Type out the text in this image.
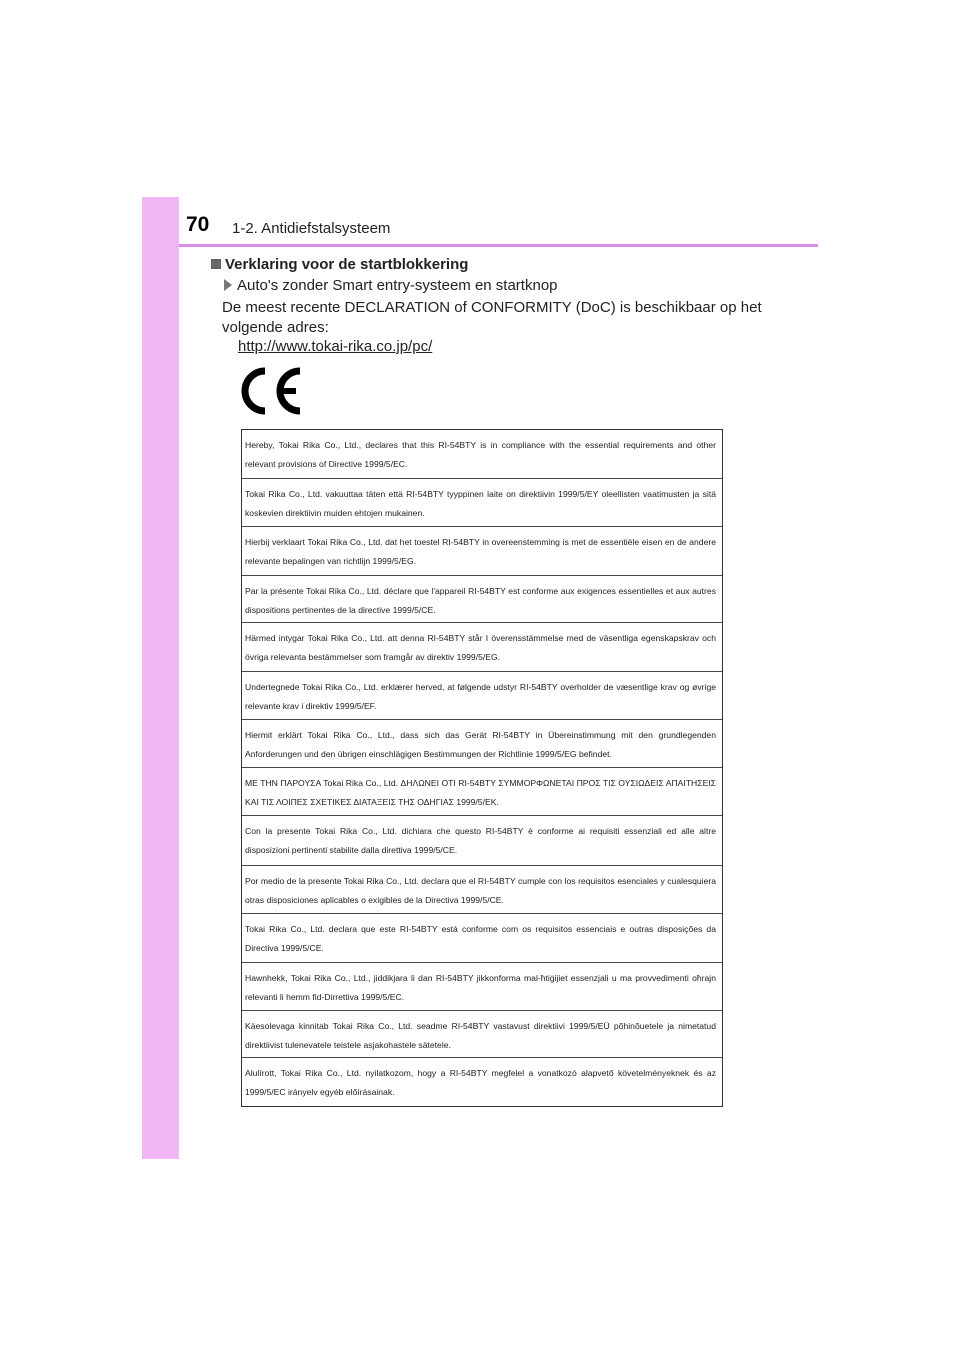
70 1-2. Antidiefstalsysteem
Verklaring voor de startblokkering
Auto's zonder Smart entry-systeem en startknop
De meest recente DECLARATION of CONFORMITY (DoC) is beschikbaar op het volgende adres:
http://www.tokai-rika.co.jp/pc/
CE
Hereby, Tokai Rika Co., Ltd., declares that this RI-54BTY is in compliance with the essential requirements and other relevant provisions of Directive 1999/5/EC.
Tokai Rika Co., Ltd. vakuuttaa täten että RI-54BTY tyyppinen laite on direktiivin 1999/5/EY oleellisten vaatimusten ja sitä koskevien direktiivin muiden ehtojen mukainen.
Hierbij verklaart Tokai Rika Co., Ltd. dat het toestel RI-54BTY in overeenstemming is met de essentiële eisen en de andere relevante bepalingen van richtlijn 1999/5/EG.
Par la présente Tokai Rika Co., Ltd. déclare que l'appareil RI-54BTY est conforme aux exigences essentielles et aux autres dispositions pertinentes de la directive 1999/5/CE.
Härmed intygar Tokai Rika Co., Ltd. att denna RI-54BTY står I överensstämmelse med de väsentliga egenskapskrav och övriga relevanta bestämmelser som framgår av direktiv 1999/5/EG.
Undertegnede Tokai Rika Co., Ltd. erklærer herved, at følgende udstyr RI-54BTY overholder de væsentlige krav og øvrige relevante krav i direktiv 1999/5/EF.
Hiermit erklärt Tokai Rika Co., Ltd., dass sich das Gerät RI-54BTY in Übereinstimmung mit den grundlegenden Anforderungen und den übrigen einschlägigen Bestimmungen der Richtlinie 1999/5/EG befindet.
ΜΕ ΤΗΝ ΠΑΡΟΥΣΑ Tokai Rika Co., Ltd. ΔΗΛΩΝΕΙ ΟΤΙ RI-54BTY ΣΥΜΜΟΡΦΩΝΕΤΑΙ ΠΡΟΣ ΤΙΣ ΟΥΣΙΩΔΕΙΣ ΑΠΑΙΤΗΣΕΙΣ ΚΑΙ ΤΙΣ ΛΟΙΠΕΣ ΣΧΕΤΙΚΕΣ ΔΙΑΤΑΞΕΙΣ ΤΗΣ ΟΔΗΓΙΑΣ 1999/5/ΕΚ.
Con la presente Tokai Rika Co., Ltd. dichiara che questo RI-54BTY è conforme ai requisiti essenziali ed alle altre disposizioni pertinenti stabilite dalla direttiva 1999/5/CE.
Por medio de la presente Tokai Rika Co., Ltd. declara que el RI-54BTY cumple con los requisitos esenciales y cualesquiera otras disposiciones aplicables o exigibles de la Directiva 1999/5/CE.
Tokai Rika Co., Ltd. declara que este RI-54BTY está conforme com os requisitos essenciais e outras disposições da Directiva 1999/5/CE.
Hawnhekk, Tokai Rika Co., Ltd., jiddikjara li dan RI-54BTY jikkonforma mal-ħtiġijiet essenzjali u ma provvedimenti oħrajn relevanti li hemm fid-Dirrettiva 1999/5/EC.
Käesolevaga kinnitab Tokai Rika Co., Ltd. seadme RI-54BTY vastavust direktiivi 1999/5/EÜ põhinõuetele ja nimetatud direktiivist tulenevatele teistele asjakohastele sätetele.
Alulírott, Tokai Rika Co., Ltd. nyilatkozom, hogy a RI-54BTY megfelel a vonatkozó alapvető követelményeknek és az 1999/5/EC irányelv egyéb előírásainak.
